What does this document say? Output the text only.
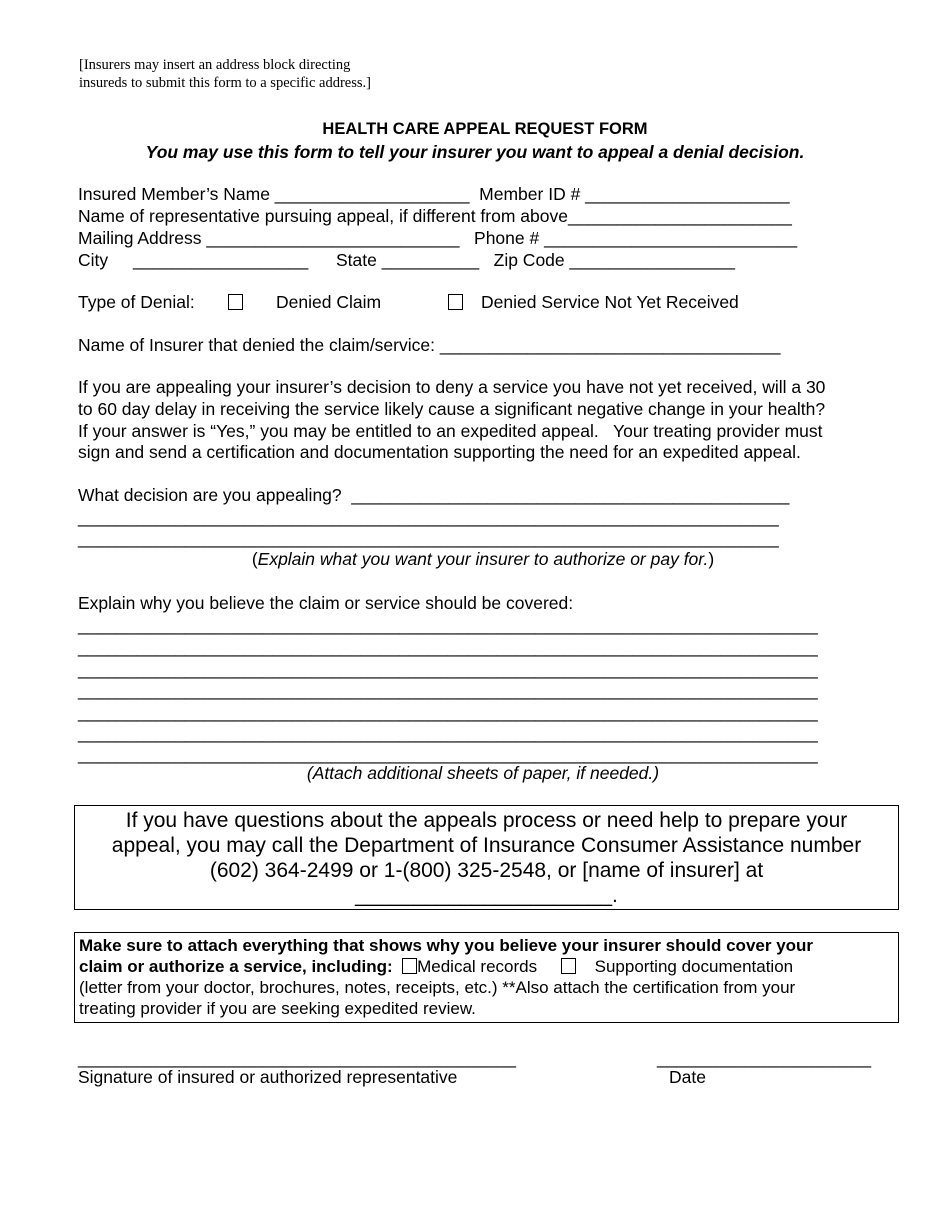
[Insurers may insert an address block directing
insureds to submit this form to a specific address.]
HEALTH CARE APPEAL REQUEST FORM
You may use this form to tell your insurer you want to appeal a denial decision.
Insured Member’s Name ____________________  Member ID # _____________________
Name of representative pursuing appeal, if different from above_______________________
Mailing Address __________________________   Phone # __________________________
City __________________ State __________   Zip Code _________________
Type of Denial:	Denied Claim	Denied Service Not Yet Received
Name of Insurer that denied the claim/service: ___________________________________
If you are appealing your insurer’s decision to deny a service you have not yet received, will a 30
to 60 day delay in receiving the service likely cause a significant negative change in your health?
If your answer is “Yes,” you may be entitled to an expedited appeal.   Your treating provider must
sign and send a certification and documentation supporting the need for an expedited appeal.
What decision are you appealing?  _____________________________________________
________________________________________________________________________
________________________________________________________________________
(Explain what you want your insurer to authorize or pay for.)
Explain why you believe the claim or service should be covered:
____________________________________________________________________________
____________________________________________________________________________
____________________________________________________________________________
____________________________________________________________________________
____________________________________________________________________________
____________________________________________________________________________
____________________________________________________________________________
(Attach additional sheets of paper, if needed.)
If you have questions about the appeals process or need help to prepare your
appeal, you may call the Department of Insurance Consumer Assistance number
(602) 364-2499 or 1-(800) 325-2548, or [name of insurer] at
______________________.
Make sure to attach everything that shows why you believe your insurer should cover your
claim or authorize a service, including: Medical records	Supporting documentation
(letter from your doctor, brochures, notes, receipts, etc.) **Also attach the certification from your
treating provider if you are seeking expedited review.
_____________________________________________	______________________
Signature of insured or authorized representative	Date
